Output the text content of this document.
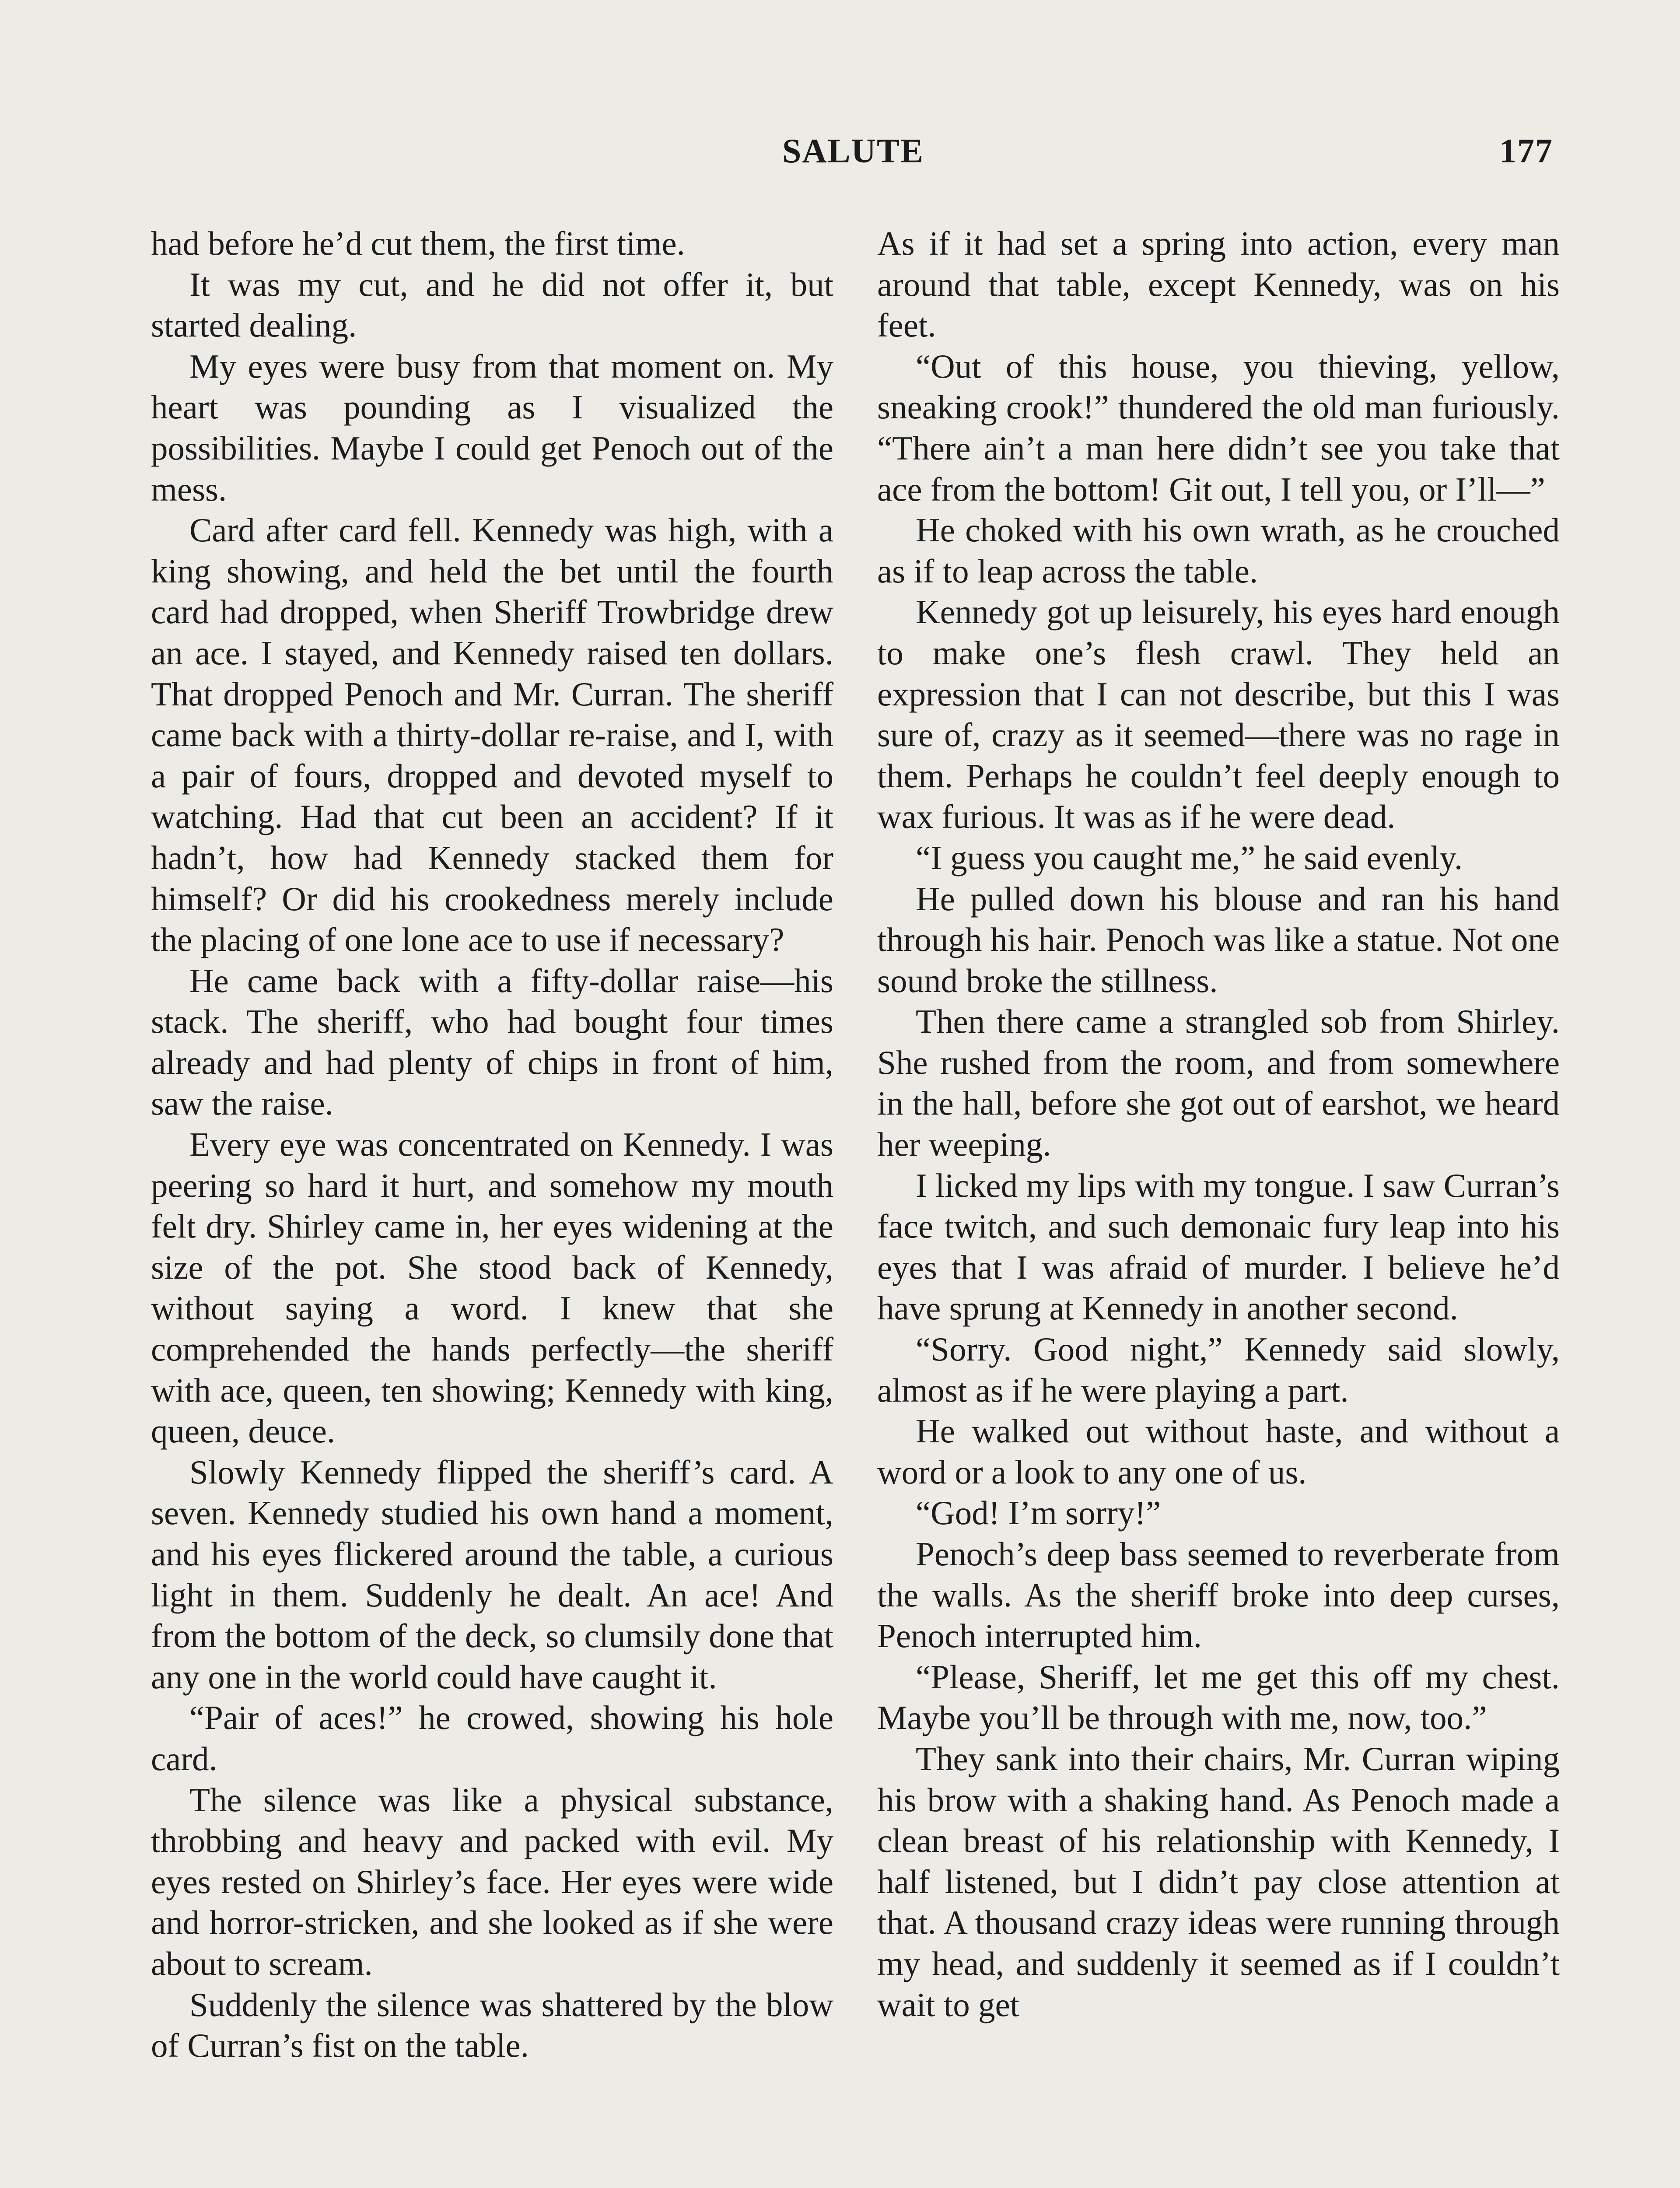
SALUTE	177

had before he’d cut them, the first time.

It was my cut, and he did not offer it, but started dealing.

My eyes were busy from that moment on. My heart was pounding as I visualized the possibilities. Maybe I could get Penoch out of the mess.

Card after card fell. Kennedy was high, with a king showing, and held the bet until the fourth card had dropped, when Sheriff Trowbridge drew an ace. I stayed, and Kennedy raised ten dollars. That dropped Penoch and Mr. Curran. The sheriff came back with a thirty-dollar re-raise, and I, with a pair of fours, dropped and devoted myself to watching. Had that cut been an accident? If it hadn’t, how had Kennedy stacked them for himself? Or did his crookedness merely include the placing of one lone ace to use if necessary?

He came back with a fifty-dollar raise—his stack. The sheriff, who had bought four times already and had plenty of chips in front of him, saw the raise.

Every eye was concentrated on Kennedy. I was peering so hard it hurt, and somehow my mouth felt dry. Shirley came in, her eyes widening at the size of the pot. She stood back of Kennedy, without saying a word. I knew that she comprehended the hands perfectly—the sheriff with ace, queen, ten showing; Kennedy with king, queen, deuce.

Slowly Kennedy flipped the sheriff’s card. A seven. Kennedy studied his own hand a moment, and his eyes flickered around the table, a curious light in them. Suddenly he dealt. An ace! And from the bottom of the deck, so clumsily done that any one in the world could have caught it.

“Pair of aces!” he crowed, showing his hole card.

The silence was like a physical substance, throbbing and heavy and packed with evil. My eyes rested on Shirley’s face. Her eyes were wide and horror-stricken, and she looked as if she were about to scream.

Suddenly the silence was shattered by the blow of Curran’s fist on the table.

As if it had set a spring into action, every man around that table, except Kennedy, was on his feet.

“Out of this house, you thieving, yellow, sneaking crook!” thundered the old man furiously. “There ain’t a man here didn’t see you take that ace from the bottom! Git out, I tell you, or I’ll—”

He choked with his own wrath, as he crouched as if to leap across the table.

Kennedy got up leisurely, his eyes hard enough to make one’s flesh crawl. They held an expression that I can not describe, but this I was sure of, crazy as it seemed—there was no rage in them. Perhaps he couldn’t feel deeply enough to wax furious. It was as if he were dead.

“I guess you caught me,” he said evenly.

He pulled down his blouse and ran his hand through his hair. Penoch was like a statue. Not one sound broke the stillness.

Then there came a strangled sob from Shirley. She rushed from the room, and from somewhere in the hall, before she got out of earshot, we heard her weeping.

I licked my lips with my tongue. I saw Curran’s face twitch, and such demonaic fury leap into his eyes that I was afraid of murder. I believe he’d have sprung at Kennedy in another second.

“Sorry. Good night,” Kennedy said slowly, almost as if he were playing a part.

He walked out without haste, and without a word or a look to any one of us.

“God! I’m sorry!”

Penoch’s deep bass seemed to reverberate from the walls. As the sheriff broke into deep curses, Penoch interrupted him.

“Please, Sheriff, let me get this off my chest. Maybe you’ll be through with me, now, too.”

They sank into their chairs, Mr. Curran wiping his brow with a shaking hand. As Penoch made a clean breast of his relationship with Kennedy, I half listened, but I didn’t pay close attention at that. A thousand crazy ideas were running through my head, and suddenly it seemed as if I couldn’t wait to get
